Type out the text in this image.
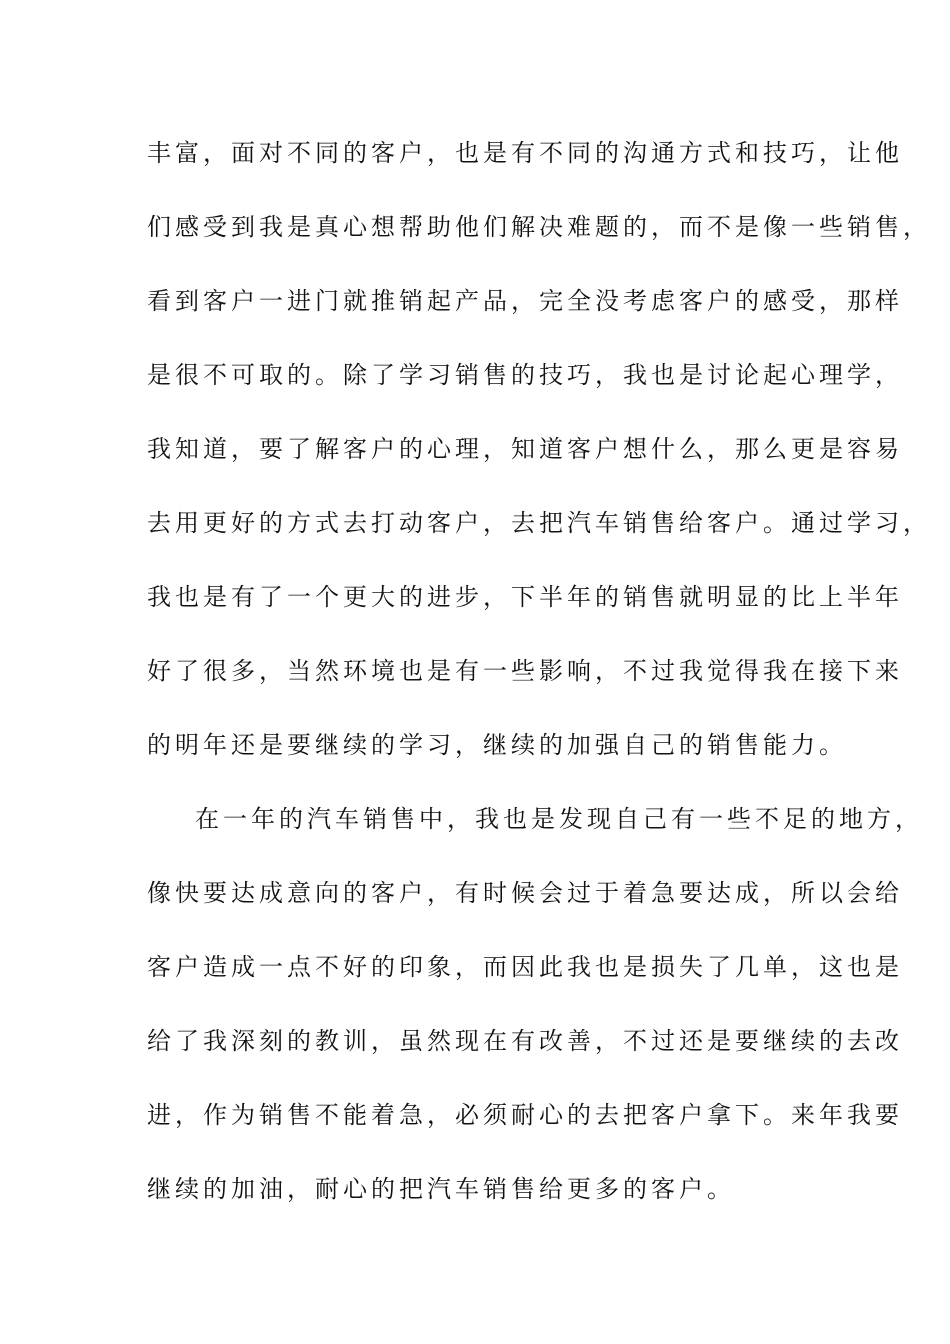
丰富，面对不同的客户，也是有不同的沟通方式和技巧，让他
们感受到我是真心想帮助他们解决难题的，而不是像一些销售，
看到客户一进门就推销起产品，完全没考虑客户的感受，那样
是很不可取的。除了学习销售的技巧，我也是讨论起心理学，
我知道，要了解客户的心理，知道客户想什么，那么更是容易
去用更好的方式去打动客户，去把汽车销售给客户。通过学习，
我也是有了一个更大的进步，下半年的销售就明显的比上半年
好了很多，当然环境也是有一些影响，不过我觉得我在接下来
的明年还是要继续的学习，继续的加强自己的销售能力。
在一年的汽车销售中，我也是发现自己有一些不足的地方，
像快要达成意向的客户，有时候会过于着急要达成，所以会给
客户造成一点不好的印象，而因此我也是损失了几单，这也是
给了我深刻的教训，虽然现在有改善，不过还是要继续的去改
进，作为销售不能着急，必须耐心的去把客户拿下。来年我要
继续的加油，耐心的把汽车销售给更多的客户。
